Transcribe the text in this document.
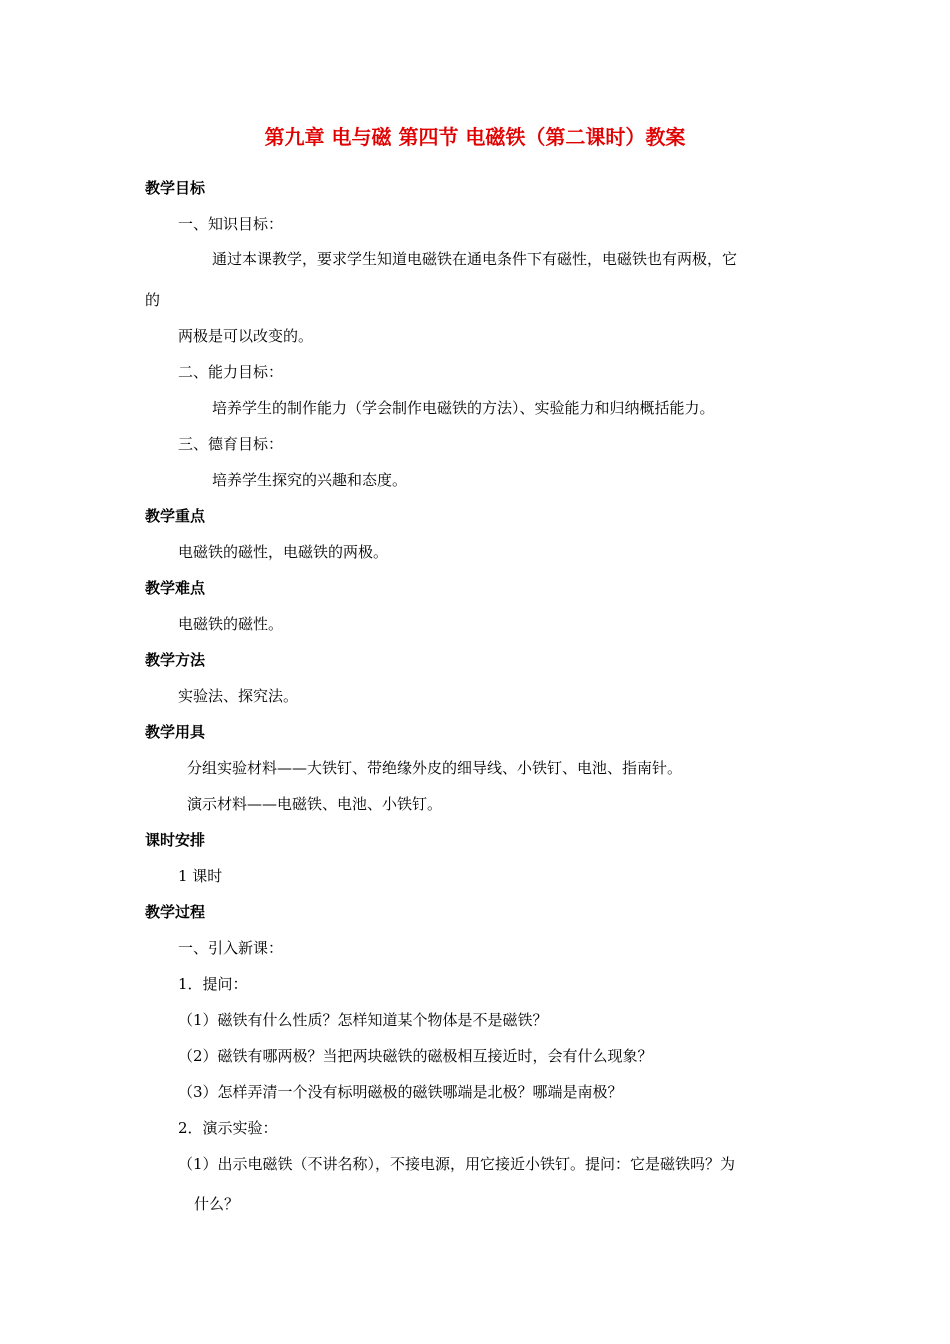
第九章 电与磁 第四节 电磁铁（第二课时）教案
教学目标
一、知识目标：
通过本课教学，要求学生知道电磁铁在通电条件下有磁性，电磁铁也有两极，它
的
两极是可以改变的。
二、能力目标：
培养学生的制作能力（学会制作电磁铁的方法）、实验能力和归纳概括能力。
三、德育目标：
培养学生探究的兴趣和态度。
教学重点
电磁铁的磁性，电磁铁的两极。
教学难点
电磁铁的磁性。
教学方法
实验法、探究法。
教学用具
分组实验材料——大铁钉、带绝缘外皮的细导线、小铁钉、电池、指南针。
演示材料——电磁铁、电池、小铁钉。
课时安排
1 课时
教学过程
一、引入新课：
1．提问：
（1）磁铁有什么性质？怎样知道某个物体是不是磁铁？
（2）磁铁有哪两极？当把两块磁铁的磁极相互接近时，会有什么现象？
（3）怎样弄清一个没有标明磁极的磁铁哪端是北极？哪端是南极？
2．演示实验：
（1）出示电磁铁（不讲名称），不接电源，用它接近小铁钉。提问：它是磁铁吗？为
什么？
